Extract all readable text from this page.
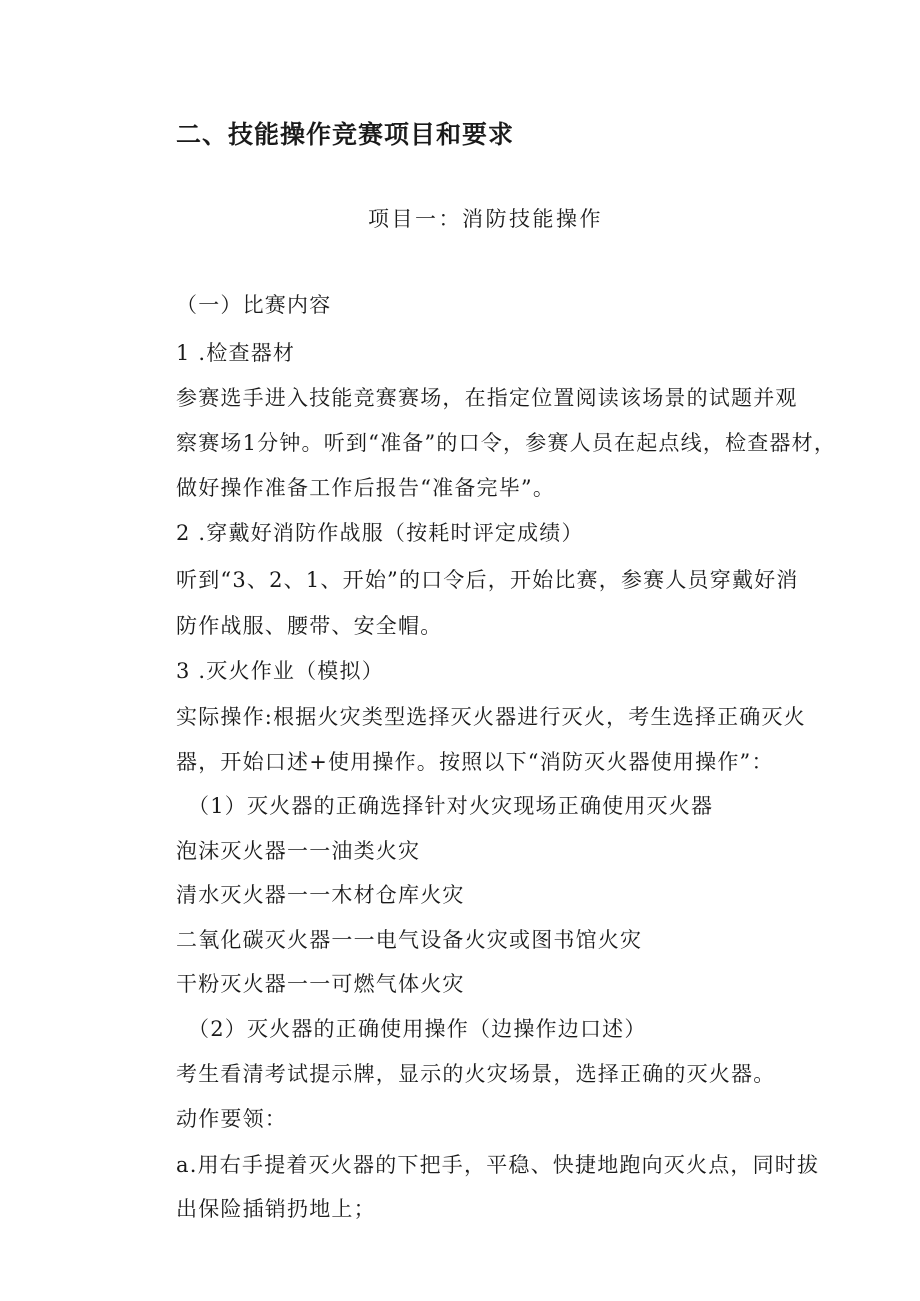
二、技能操作竞赛项目和要求
项目一：消防技能操作
（一）比赛内容
1 .检查器材
参赛选手进入技能竞赛赛场，在指定位置阅读该场景的试题并观
察赛场1分钟。听到“准备”的口令，参赛人员在起点线，检查器材，
做好操作准备工作后报告“准备完毕”。
2 .穿戴好消防作战服（按耗时评定成绩）
听到“3、2、1、开始”的口令后，开始比赛，参赛人员穿戴好消
防作战服、腰带、安全帽。
3 .灭火作业（模拟）
实际操作:根据火灾类型选择灭火器进行灭火，考生选择正确灭火
器，开始口述+使用操作。按照以下“消防灭火器使用操作”：
（1）灭火器的正确选择针对火灾现场正确使用灭火器
泡沫灭火器一一油类火灾
清水灭火器一一木材仓库火灾
二氧化碳灭火器一一电气设备火灾或图书馆火灾
干粉灭火器一一可燃气体火灾
（2）灭火器的正确使用操作（边操作边口述）
考生看清考试提示牌，显示的火灾场景，选择正确的灭火器。
动作要领：
a.用右手提着灭火器的下把手，平稳、快捷地跑向灭火点，同时拔
出保险插销扔地上；
